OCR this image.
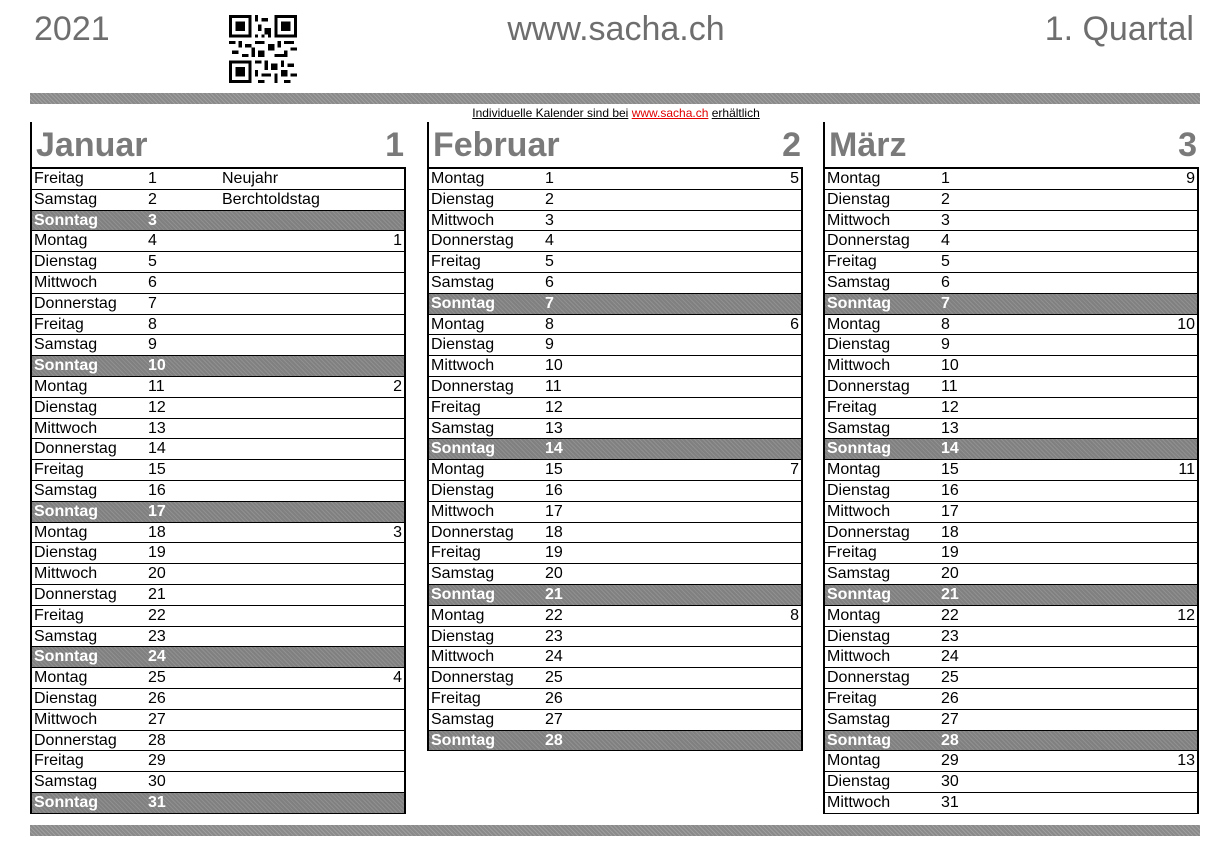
2021	www.sacha.ch	1. Quartal
Individuelle Kalender sind bei www.sacha.ch erhältlich
Januar	1
Freitag	1	Neujahr
Samstag	2	Berchtoldstag
Sonntag	3
Montag	4	1
Dienstag	5
Mittwoch	6
Donnerstag 7
Freitag	8
Samstag	9
Sonntag	10
Montag	11	2
Dienstag	12
Mittwoch	13
Donnerstag 14
Freitag	15
Samstag	16
Sonntag	17
Montag	18	3
Dienstag	19
Mittwoch	20
Donnerstag 21
Freitag	22
Samstag	23
Sonntag	24
Montag	25	4
Dienstag	26
Mittwoch	27
Donnerstag 28
Freitag	29
Samstag	30
Sonntag	31
Februar	2
Montag	1	5
Dienstag	2
Mittwoch	3
Donnerstag 4
Freitag	5
Samstag	6
Sonntag	7
Montag	8	6
Dienstag	9
Mittwoch	10
Donnerstag 11
Freitag	12
Samstag	13
Sonntag	14
Montag	15	7
Dienstag	16
Mittwoch	17
Donnerstag 18
Freitag	19
Samstag	20
Sonntag	21
Montag	22	8
Dienstag	23
Mittwoch	24
Donnerstag 25
Freitag	26
Samstag	27
Sonntag	28
März	3
Montag	1	9
Dienstag	2
Mittwoch	3
Donnerstag 4
Freitag	5
Samstag	6
Sonntag	7
Montag	8	10
Dienstag	9
Mittwoch	10
Donnerstag 11
Freitag	12
Samstag	13
Sonntag	14
Montag	15	11
Dienstag	16
Mittwoch	17
Donnerstag 18
Freitag	19
Samstag	20
Sonntag	21
Montag	22	12
Dienstag	23
Mittwoch	24
Donnerstag 25
Freitag	26
Samstag	27
Sonntag	28
Montag	29	13
Dienstag	30
Mittwoch	31
